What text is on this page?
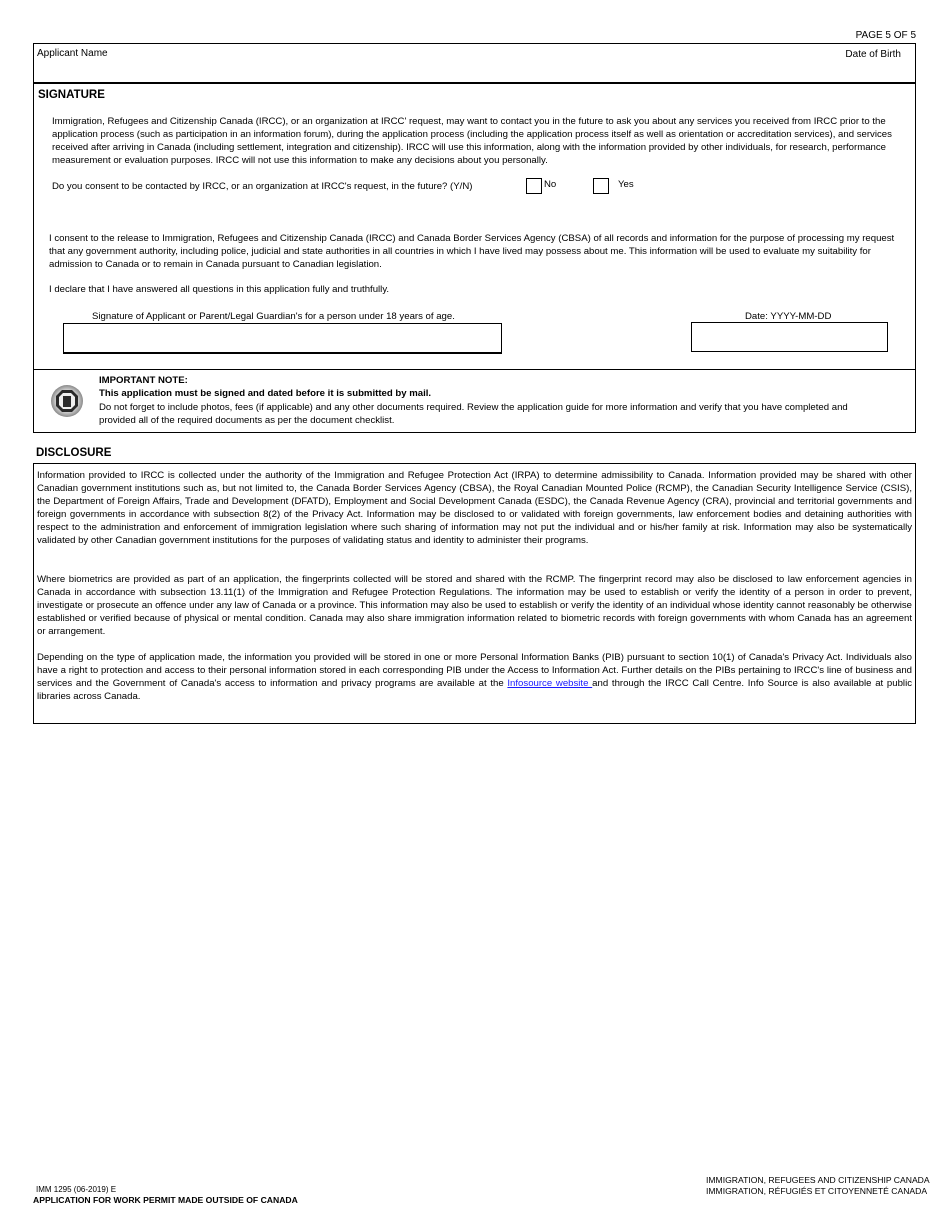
PAGE 5 OF 5
Applicant Name	Date of Birth
SIGNATURE
Immigration, Refugees and Citizenship Canada (IRCC), or an organization at IRCC' request, may want to contact you in the future to ask you about any services you received from IRCC prior to the application process (such as participation in an information forum), during the application process (including the application process itself as well as orientation or accreditation services), and services received after arriving in Canada (including settlement, integration and citizenship). IRCC will use this information, along with the information provided by other individuals, for research, performance measurement or evaluation purposes. IRCC will not use this information to make any decisions about you personally.
Do you consent to be contacted by IRCC, or an organization at IRCC's request, in the future? (Y/N)	No	Yes
I consent to the release to Immigration, Refugees and Citizenship Canada (IRCC) and Canada Border Services Agency (CBSA) of all records and information for the purpose of processing my request that any government authority, including police, judicial and state authorities in all countries in which I have lived may possess about me. This information will be used to evaluate my suitability for admission to Canada or to remain in Canada pursuant to Canadian legislation.
I declare that I have answered all questions in this application fully and truthfully.
Signature of Applicant or Parent/Legal Guardian's for a person under 18 years of age.	Date: YYYY-MM-DD
IMPORTANT NOTE:
This application must be signed and dated before it is submitted by mail.
Do not forget to include photos, fees (if applicable) and any other documents required. Review the application guide for more information and verify that you have completed and provided all of the required documents as per the document checklist.
DISCLOSURE
Information provided to IRCC is collected under the authority of the Immigration and Refugee Protection Act (IRPA) to determine admissibility to Canada. Information provided may be shared with other Canadian government institutions such as, but not limited to, the Canada Border Services Agency (CBSA), the Royal Canadian Mounted Police (RCMP), the Canadian Security Intelligence Service (CSIS), the Department of Foreign Affairs, Trade and Development (DFATD), Employment and Social Development Canada (ESDC), the Canada Revenue Agency (CRA), provincial and territorial governments and foreign governments in accordance with subsection 8(2) of the Privacy Act. Information may be disclosed to or validated with foreign governments, law enforcement bodies and detaining authorities with respect to the administration and enforcement of immigration legislation where such sharing of information may not put the individual and or his/her family at risk. Information may also be systematically validated by other Canadian government institutions for the purposes of validating status and identity to administer their programs.
Where biometrics are provided as part of an application, the fingerprints collected will be stored and shared with the RCMP. The fingerprint record may also be disclosed to law enforcement agencies in Canada in accordance with subsection 13.11(1) of the Immigration and Refugee Protection Regulations. The information may be used to establish or verify the identity of a person in order to prevent, investigate or prosecute an offence under any law of Canada or a province. This information may also be used to establish or verify the identity of an individual whose identity cannot reasonably be otherwise established or verified because of physical or mental condition. Canada may also share immigration information related to biometric records with foreign governments with whom Canada has an agreement or arrangement.
Depending on the type of application made, the information you provided will be stored in one or more Personal Information Banks (PIB) pursuant to section 10(1) of Canada's Privacy Act. Individuals also have a right to protection and access to their personal information stored in each corresponding PIB under the Access to Information Act. Further details on the PIBs pertaining to IRCC's line of business and services and the Government of Canada's access to information and privacy programs are available at the Infosource website and through the IRCC Call Centre. Info Source is also available at public libraries across Canada.
IMM 1295 (06-2019) E
APPLICATION FOR WORK PERMIT MADE OUTSIDE OF CANADA
IMMIGRATION, REFUGEES AND CITIZENSHIP CANADA
IMMIGRATION, RÉFUGIÉS ET CITOYENNETÉ CANADA
